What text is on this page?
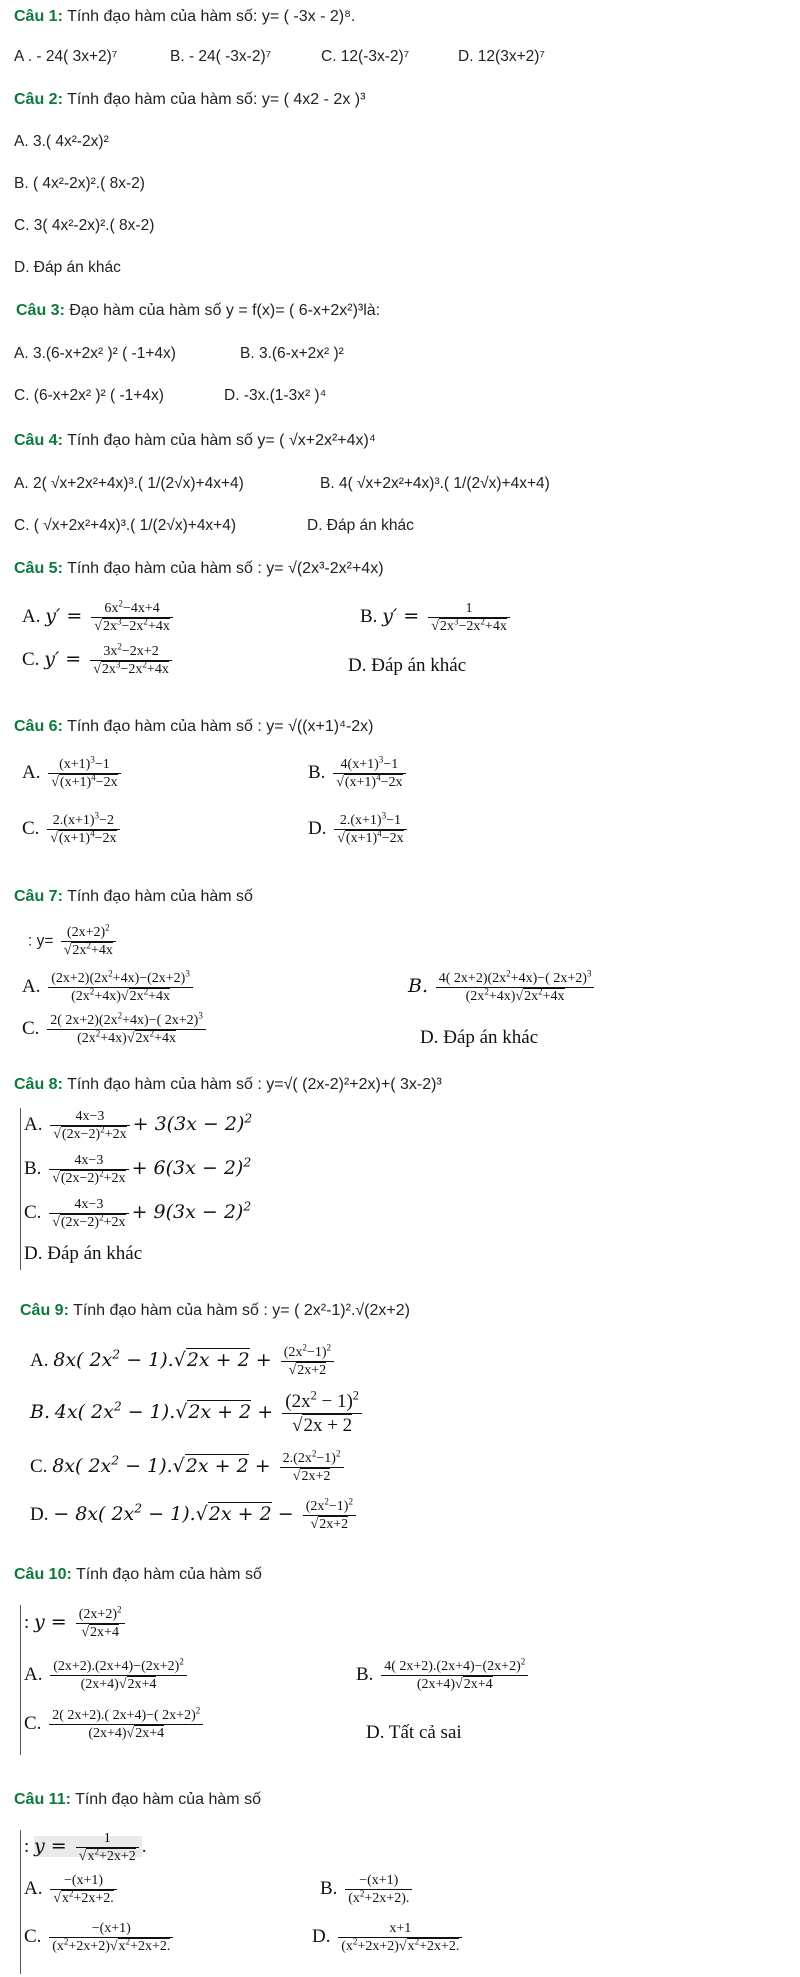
Câu 1: Tính đạo hàm của hàm số: y= ( -3x - 2)⁸.
A . - 24( 3x+2)⁷	B. - 24( -3x-2)⁷	C. 12(-3x-2)⁷	D. 12(3x+2)⁷
Câu 2: Tính đạo hàm của hàm số: y= ( 4x2 - 2x )³
A. 3.( 4x²-2x)²
B. ( 4x²-2x)².( 8x-2)
C. 3( 4x²-2x)².( 8x-2)
D. Đáp án khác
Câu 3: Đạo hàm của hàm số y = f(x)= ( 6-x+2x²)³là:
A. 3.(6-x+2x² )² ( -1+4x)	B. 3.(6-x+2x² )²
C. (6-x+2x² )² ( -1+4x)	D. -3x.(1-3x² )⁴
Câu 4: Tính đạo hàm của hàm số y= ( √x+2x²+4x)⁴
A. 2( √x+2x²+4x)³.( 1/(2√x)+4x+4)	B. 4( √x+2x²+4x)³.( 1/(2√x)+4x+4)
C. ( √x+2x²+4x)³.( 1/(2√x)+4x+4)	D. Đáp án khác
Câu 5: Tính đạo hàm của hàm số : y= √(2x³-2x²+4x)
A. $y' = \frac{6x^2-4x+4}{√2x^3-2x^2+4x}$	B. $y' = \frac{1}{√2x^3-2x^2+4x}$
C. $y' = \frac{3x^2-2x+2}{√2x^3-2x^2+4x}$	D. Đáp án khác
Câu 6: Tính đạo hàm của hàm số : y= √((x+1)⁴-2x)
A. $\frac{(x+1)^3-1}{√(x+1)^4-2x}$	B. $\frac{4(x+1)^3-1}{√(x+1)^4-2x}$
C. $\frac{2.(x+1)^3-2}{√(x+1)^4-2x}$	D. $\frac{2.(x+1)^3-1}{√(x+1)^4-2x}$
Câu 7: Tính đạo hàm của hàm số
: $y= \frac{(2x+2)^2}{√2x^2+4x}$
A. $\frac{(2x+2)(2x^2+4x)-(2x+2)^3}{(2x^2+4x)√2x^2+4x}$	B. $\frac{4( 2x+2)(2x^2+4x)-( 2x+2)^3}{(2x^2+4x)√2x^2+4x}$
C. $\frac{2( 2x+2)(2x^2+4x)-( 2x+2)^3}{(2x^2+4x)√2x^2+4x}$	D. Đáp án khác
Câu 8: Tính đạo hàm của hàm số : y=√( (2x-2)²+2x)+( 3x-2)³
A. $\frac{4x-3}{√(2x-2)^2+2x} + 3(3x - 2)^2$
B. $\frac{4x-3}{√(2x-2)^2+2x} + 6(3x - 2)^2$
C. $\frac{4x-3}{√(2x-2)^2+2x} + 9(3x - 2)^2$
D. Đáp án khác
Câu 9: Tính đạo hàm của hàm số : y= ( 2x²-1)².√(2x+2)
A. 8x( $2x^2 - 1).√2x + 2 + \frac{(2x^2-1)^2}{√2x+2}$
B. 4x( $2x^2 - 1).√2x + 2 + \frac{(2x^2 - 1)^2}{√2x + 2}$
C. 8x( $2x^2 - 1).√2x + 2 + \frac{2.(2x^2-1)^2}{√2x+2}$
D. − 8x( $2x^2 - 1).√2x + 2 - \frac{(2x^2-1)^2}{√2x+2}$
Câu 10: Tính đạo hàm của hàm số
: $y = \frac{(2x+2)^2}{√2x+4}$
A. $\frac{(2x+2).(2x+4)-(2x+2)^2}{(2x+4)√2x+4}$	B. $\frac{4( 2x+2).(2x+4)-(2x+2)^2}{(2x+4)√2x+4}$
C. $\frac{2( 2x+2).( 2x+4)-( 2x+2)^2}{(2x+4)√2x+4}$	D. Tất cả sai
Câu 11: Tính đạo hàm của hàm số
: $y = \frac{1}{√x^2+2x+2}$ .
A. $\frac{-(x+1)}{√x^2+2x+2.}$	B. $\frac{-(x+1)}{(x^2+2x+2).}$
C. $\frac{-(x+1)}{(x^2+2x+2)√x^2+2x+2.}$	D. $\frac{x+1}{(x^2+2x+2)√x^2+2x+2.}$
